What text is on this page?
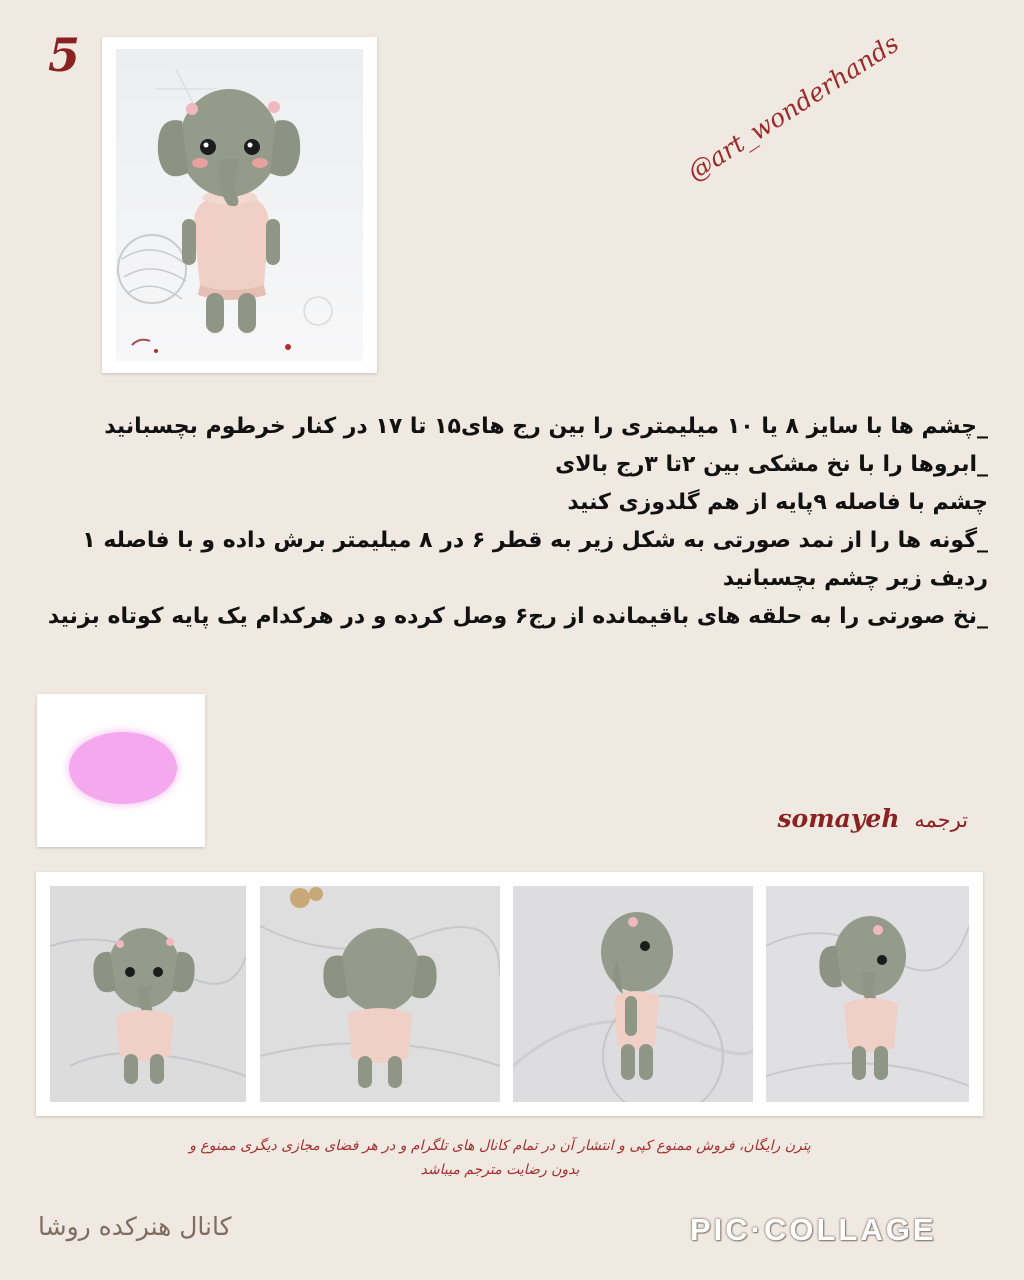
5	@art_wonderhands

_چشم ها با سایز ۸ یا ۱۰ میلیمتری را بین رج های۱۵ تا ۱۷ در کنار خرطوم بچسبانید

_ابروها را با نخ مشکی بین ۲تا ۳رج بالای

چشم با فاصله ۹پایه از هم گلدوزی کنید

_گونه ها را از نمد صورتی به شکل زیر به قطر ۶ در ۸ میلیمتر برش داده و با فاصله ۱ ردیف زیر چشم بچسبانید

_نخ صورتی را به حلقه های باقیمانده از رج۶ وصل کرده و در هرکدام یک پایه کوتاه بزنید

ترجمه somayeh
پترن رایگان، فروش ممنوع کپی و انتشار آن در تمام کانال های تلگرام و در هر فضای مجازی دیگری ممنوع و
بدون رضایت مترجم میباشد
کانال هنرکده روشا	PIC·COLLAGE
